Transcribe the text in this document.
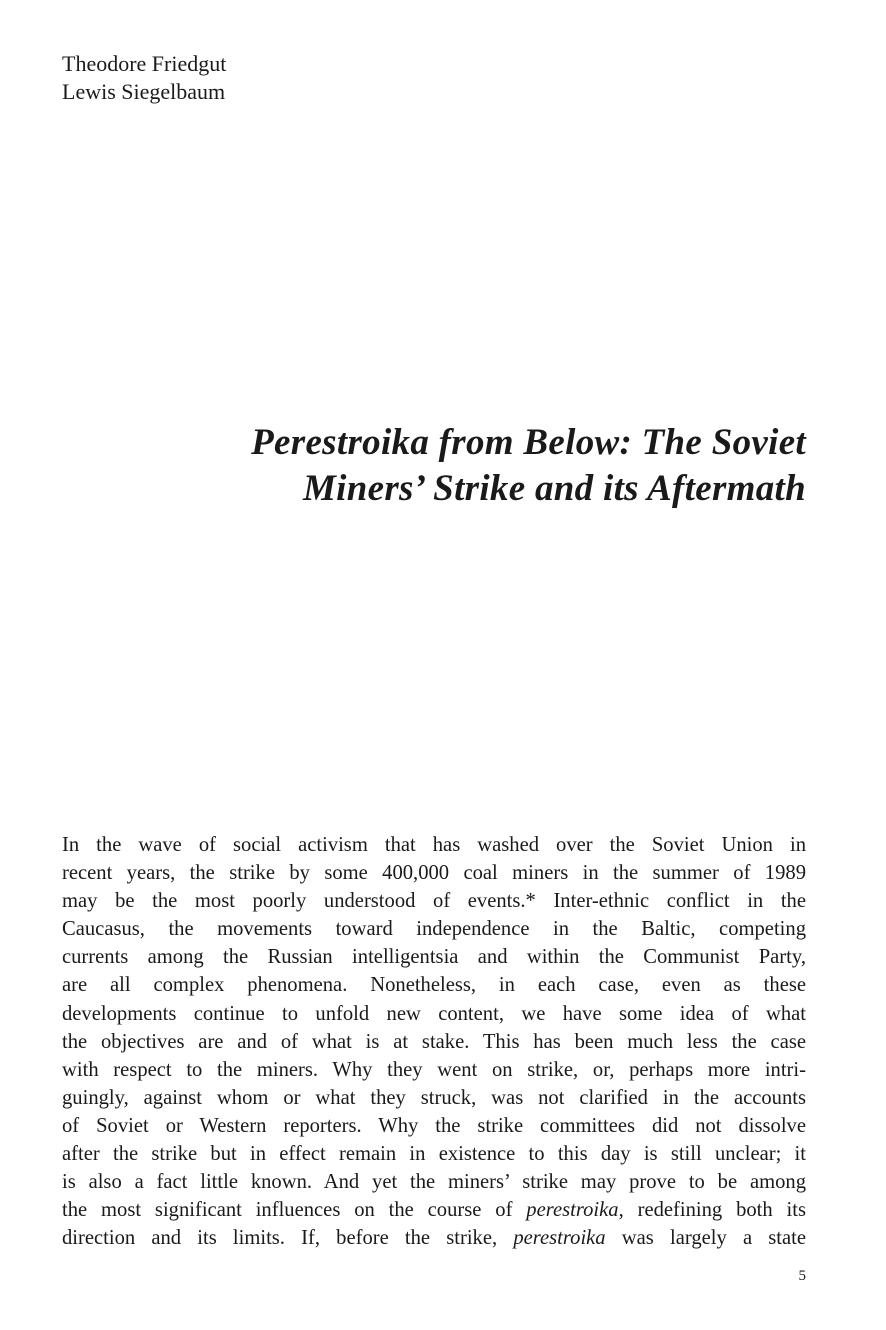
Theodore Friedgut
Lewis Siegelbaum
Perestroika from Below: The Soviet
Miners’ Strike and its Aftermath
In the wave of social activism that has washed over the Soviet Union in
recent years, the strike by some 400,000 coal miners in the summer of 1989
may be the most poorly understood of events.* Inter-ethnic conflict in the
Caucasus, the movements toward independence in the Baltic, competing
currents among the Russian intelligentsia and within the Communist Party,
are all complex phenomena. Nonetheless, in each case, even as these
developments continue to unfold new content, we have some idea of what
the objectives are and of what is at stake. This has been much less the case
with respect to the miners. Why they went on strike, or, perhaps more intri-
guingly, against whom or what they struck, was not clarified in the accounts
of Soviet or Western reporters. Why the strike committees did not dissolve
after the strike but in effect remain in existence to this day is still unclear; it
is also a fact little known. And yet the miners’ strike may prove to be among
the most significant influences on the course of perestroika, redefining both its
direction and its limits. If, before the strike, perestroika was largely a state
5
